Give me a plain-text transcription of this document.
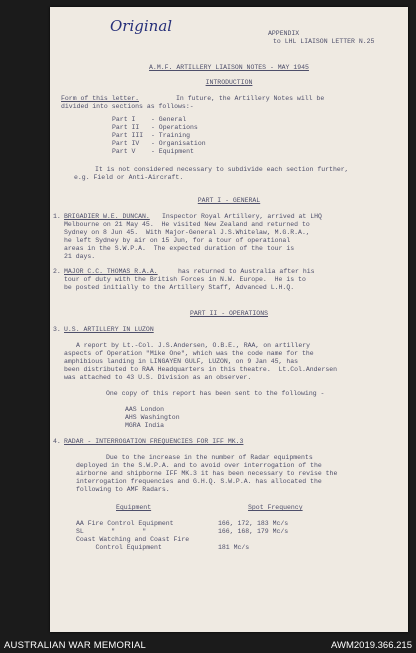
Original	APPENDIX
to LHL LIAISON LETTER N.25
A.M.F. ARTILLERY LIAISON NOTES - MAY 1945
INTRODUCTION
Form of this letter.	In future, the Artillery Notes will be
divided into sections as follows:-
Part I    - General
Part II   - Operations
Part III  - Training
Part IV   - Organisation
Part V    - Equipment
It is not considered necessary to subdivide each section further,
e.g. Field or Anti-Aircraft.
PART I - GENERAL
1. BRIGADIER W.E. DUNCAN. Inspector Royal Artillery, arrived at LHQ
Melbourne on 21 May 45.  He visited New Zealand and returned to
Sydney on 8 Jun 45.  With Major-General J.S.Whitelaw, M.G.R.A.,
he left Sydney by air on 15 Jun, for a tour of operational
areas in the S.W.P.A.  The expected duration of the tour is
21 days.
2. MAJOR C.C. THOMAS R.A.A.	has returned to Australia after his
tour of duty with the British Forces in N.W. Europe.  He is to
be posted initially to the Artillery Staff, Advanced L.H.Q.
PART II - OPERATIONS
3. U.S. ARTILLERY IN LUZON
A report by Lt.-Col. J.S.Andersen, O.B.E., RAA, on artillery
aspects of Operation "Mike One", which was the code name for the
amphibious landing in LINGAYEN GULF, LUZON, on 9 Jan 45, has
been distributed to RAA Headquarters in this theatre.  Lt.Col.Andersen
was attached to 43 U.S. Division as an observer.
One copy of this report has been sent to the following -
AAS London
AHS Washington
MGRA India
4. RADAR - INTERROGATION FREQUENCIES FOR IFF MK.3
Due to the increase in the number of Radar equipments
deployed in the S.W.P.A. and to avoid over interrogation of the
airborne and shipborne IFF MK.3 it has been necessary to revise the
interrogation frequencies and G.H.Q. S.W.P.A. has allocated the
following to AMF Radars.
Equipment	Spot Frequency
AA Fire Control Equipment	166, 172, 183 Mc/s
SL       "       "	166, 168, 179 Mc/s
Coast Watching and Coast Fire
Control Equipment	181 Mc/s
AUSTRALIAN WAR MEMORIAL	AWM2019.366.215
